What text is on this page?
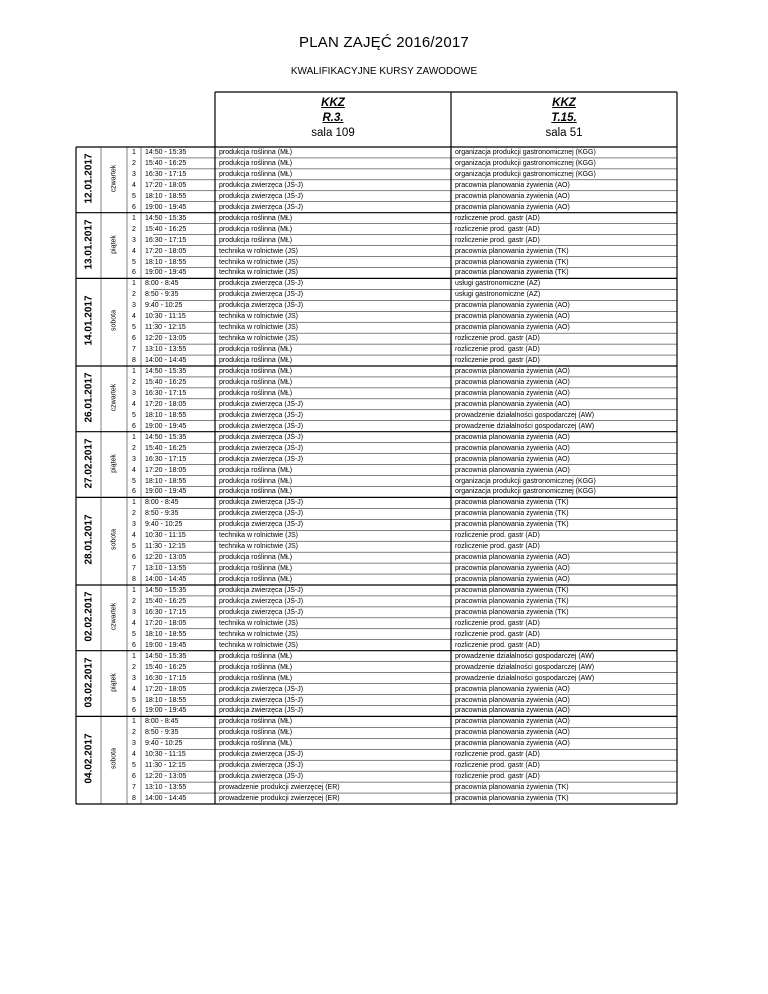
PLAN ZAJĘĆ 2016/2017
KWALIFIKACYJNE KURSY ZAWODOWE
KKZ
R.3.
sala 109
KKZ
T.15.
sala 51
1	14:50 - 15:35	produkcja roślinna (MŁ)	organizacja produkcji gastronomicznej (KGG)
2	15:40 - 16:25	produkcja roślinna (MŁ)	organizacja produkcji gastronomicznej (KGG)
3	16:30 - 17:15	produkcja roślinna (MŁ)	organizacja produkcji gastronomicznej (KGG)
4	17:20 - 18:05	produkcja zwierzęca (JŚ-J)	pracownia planowania żywienia (AO)
5	18:10 - 18:55	produkcja zwierzęca (JŚ-J)	pracownia planowania żywienia (AO)
6	19:00 - 19:45	produkcja zwierzęca (JŚ-J)	pracownia planowania żywienia (AO)
12.01.2017 czwartek
1	14:50 - 15:35	produkcja roślinna (MŁ)	rozliczenie prod. gastr (AD)
2	15:40 - 16:25	produkcja roślinna (MŁ)	rozliczenie prod. gastr (AD)
3	16:30 - 17:15	produkcja roślinna (MŁ)	rozliczenie prod. gastr (AD)
4	17:20 - 18:05	technika w rolnictwie (JS)	pracownia planowania żywienia (TK)
5	18:10 - 18:55	technika w rolnictwie (JS)	pracownia planowania żywienia (TK)
6	19:00 - 19:45	technika w rolnictwie (JS)	pracownia planowania żywienia (TK)
13.01.2017 piątek
1	8:00 - 8:45	produkcja zwierzęca (JŚ-J)	usługi gastronomiczne (AZ)
2	8:50 - 9:35	produkcja zwierzęca (JŚ-J)	usługi gastronomiczne (AZ)
3	9:40 - 10:25	produkcja zwierzęca (JŚ-J)	pracownia planowania żywienia (AO)
4	10:30 - 11:15	technika w rolnictwie (JS)	pracownia planowania żywienia (AO)
5	11:30 - 12:15	technika w rolnictwie (JS)	pracownia planowania żywienia (AO)
6	12:20 - 13:05	technika w rolnictwie (JS)	rozliczenie prod. gastr (AD)
7	13:10 - 13:55	produkcja roślinna (MŁ)	rozliczenie prod. gastr (AD)
8	14:00 - 14:45	produkcja roślinna (MŁ)	rozliczenie prod. gastr (AD)
14.01.2017 sobota
1	14:50 - 15:35	produkcja roślinna (MŁ)	pracownia planowania żywienia (AO)
2	15:40 - 16:25	produkcja roślinna (MŁ)	pracownia planowania żywienia (AO)
3	16:30 - 17:15	produkcja roślinna (MŁ)	pracownia planowania żywienia (AO)
4	17:20 - 18:05	produkcja zwierzęca (JŚ-J)	pracownia planowania żywienia (AO)
5	18:10 - 18:55	produkcja zwierzęca (JŚ-J)	prowadzenie działalności gospodarczej (AW)
6	19:00 - 19:45	produkcja zwierzęca (JŚ-J)	prowadzenie działalności gospodarczej (AW)
26.01.2017 czwartek
1	14:50 - 15:35	produkcja zwierzęca (JŚ-J)	pracownia planowania żywienia (AO)
2	15:40 - 16:25	produkcja zwierzęca (JŚ-J)	pracownia planowania żywienia (AO)
3	16:30 - 17:15	produkcja zwierzęca (JŚ-J)	pracownia planowania żywienia (AO)
4	17:20 - 18:05	produkcja roślinna (MŁ)	pracownia planowania żywienia (AO)
5	18:10 - 18:55	produkcja roślinna (MŁ)	organizacja produkcji gastronomicznej (KGG)
6	19:00 - 19:45	produkcja roślinna (MŁ)	organizacja produkcji gastronomicznej (KGG)
27.02.2017 piątek
1	8:00 - 8:45	produkcja zwierzęca (JŚ-J)	pracownia planowania żywienia (TK)
2	8:50 - 9:35	produkcja zwierzęca (JŚ-J)	pracownia planowania żywienia (TK)
3	9:40 - 10:25	produkcja zwierzęca (JŚ-J)	pracownia planowania żywienia (TK)
4	10:30 - 11:15	technika w rolnictwie (JS)	rozliczenie prod. gastr (AD)
5	11:30 - 12:15	technika w rolnictwie (JS)	rozliczenie prod. gastr (AD)
6	12:20 - 13:05	produkcja roślinna (MŁ)	pracownia planowania żywienia (AO)
7	13:10 - 13:55	produkcja roślinna (MŁ)	pracownia planowania żywienia (AO)
8	14:00 - 14:45	produkcja roślinna (MŁ)	pracownia planowania żywienia (AO)
28.01.2017 sobota
1	14:50 - 15:35	produkcja zwierzęca (JŚ-J)	pracownia planowania żywienia (TK)
2	15:40 - 16:25	produkcja zwierzęca (JŚ-J)	pracownia planowania żywienia (TK)
3	16:30 - 17:15	produkcja zwierzęca (JŚ-J)	pracownia planowania żywienia (TK)
4	17:20 - 18:05	technika w rolnictwie (JS)	rozliczenie prod. gastr (AD)
5	18:10 - 18:55	technika w rolnictwie (JS)	rozliczenie prod. gastr (AD)
6	19:00 - 19:45	technika w rolnictwie (JS)	rozliczenie prod. gastr (AD)
02.02.2017 czwartek
1	14:50 - 15:35	produkcja roślinna (MŁ)	prowadzenie działalności gospodarczej (AW)
2	15:40 - 16:25	produkcja roślinna (MŁ)	prowadzenie działalności gospodarczej (AW)
3	16:30 - 17:15	produkcja roślinna (MŁ)	prowadzenie działalności gospodarczej (AW)
4	17:20 - 18:05	produkcja zwierzęca (JŚ-J)	pracownia planowania żywienia (AO)
5	18:10 - 18:55	produkcja zwierzęca (JŚ-J)	pracownia planowania żywienia (AO)
6	19:00 - 19:45	produkcja zwierzęca (JŚ-J)	pracownia planowania żywienia (AO)
03.02.2017 piątek
1	8:00 - 8:45	produkcja roślinna (MŁ)	pracownia planowania żywienia (AO)
2	8:50 - 9:35	produkcja roślinna (MŁ)	pracownia planowania żywienia (AO)
3	9:40 - 10:25	produkcja roślinna (MŁ)	pracownia planowania żywienia (AO)
4	10:30 - 11:15	produkcja zwierzęca (JŚ-J)	rozliczenie prod. gastr (AD)
5	11:30 - 12:15	produkcja zwierzęca (JŚ-J)	rozliczenie prod. gastr (AD)
6	12:20 - 13:05	produkcja zwierzęca (JŚ-J)	rozliczenie prod. gastr (AD)
7	13:10 - 13:55	prowadzenie produkcji zwierzęcej (ER)	pracownia planowania żywienia (TK)
8	14:00 - 14:45	prowadzenie produkcji zwierzęcej (ER)	pracownia planowania żywienia (TK)
04.02.2017 sobota
